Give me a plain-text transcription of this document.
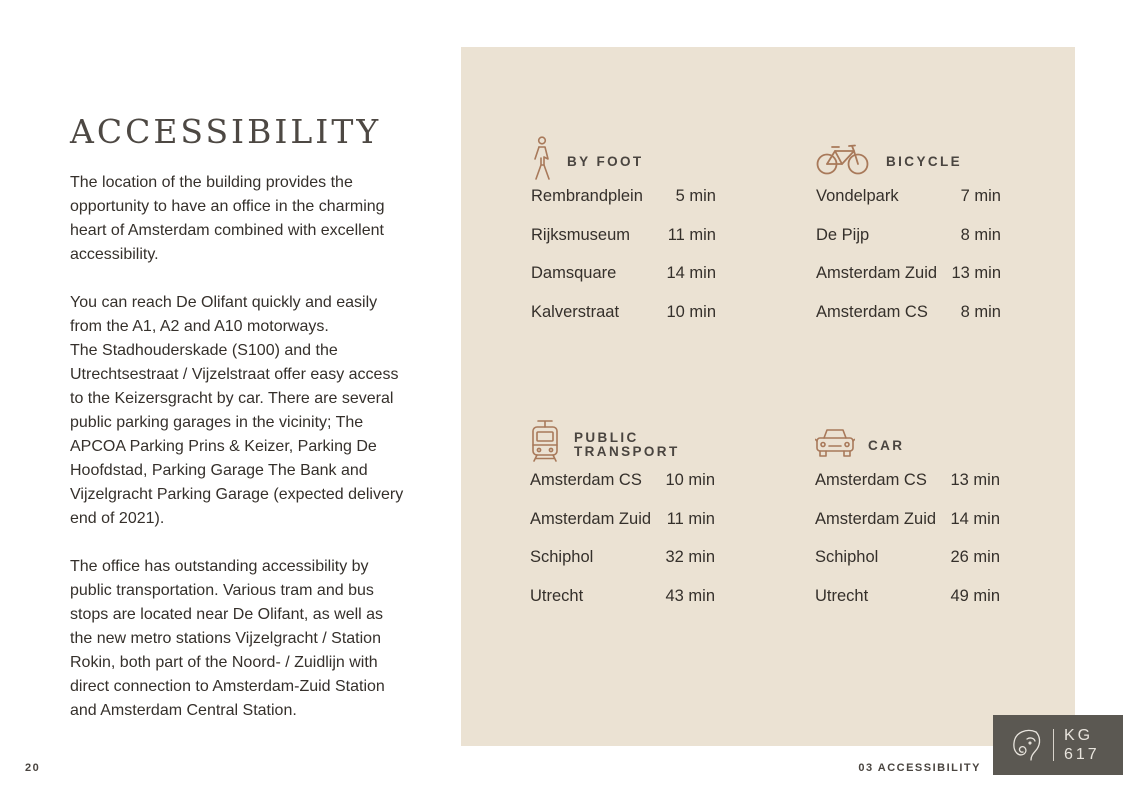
ACCESSIBILITY

The location of the building provides the opportunity to have an office in the charming heart of Amsterdam combined with excellent accessibility.

You can reach De Olifant quickly and easily from the A1, A2 and A10 motorways.
The Stadhouderskade (S100) and the Utrechtsestraat / Vijzelstraat offer easy access to the Keizersgracht by car. There are several public parking garages in the vicinity; The APCOA Parking Prins & Keizer, Parking De Hoofdstad, Parking Garage The Bank and Vijzelgracht Parking Garage (expected delivery end of 2021).

The office has outstanding accessibility by public transportation. Various tram and bus stops are located near De Olifant, as well as the new metro stations Vijzelgracht / Station Rokin, both part of the Noord- / Zuidlijn with direct connection to Amsterdam-Zuid Station and Amsterdam Central Station.

BY FOOT
Rembrandplein 5 min
Rijksmuseum 11 min
Damsquare	14 min
Kalverstraat	10 min
BICYCLE
Vondelpark	7 min
De Pijp	8 min
Amsterdam Zuid 13 min
Amsterdam CS 8 min
PUBLIC
TRANSPORT
Amsterdam CS 10 min
Amsterdam Zuid 11 min
Schiphol	32 min
Utrecht	43 min
CAR
Amsterdam CS 13 min
Amsterdam Zuid 14 min
Schiphol	26 min
Utrecht	49 min
20	03 ACCESSIBILITY
KG
617
